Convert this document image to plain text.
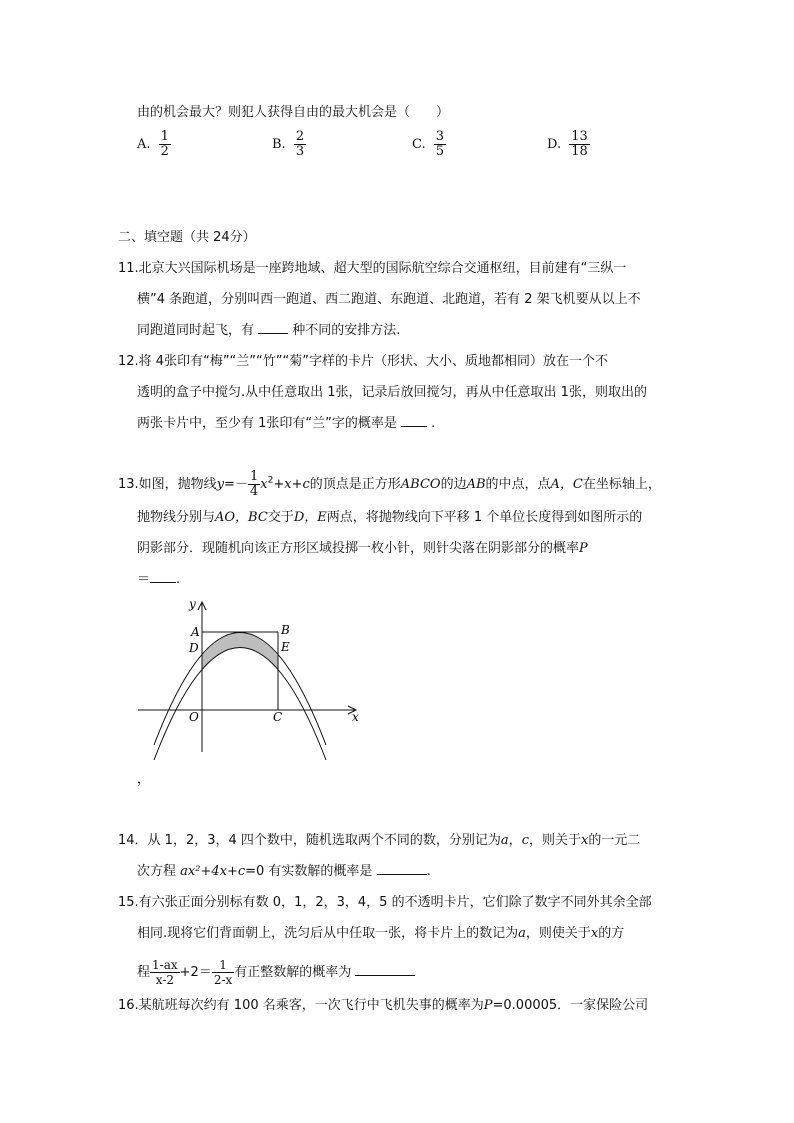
由的机会最大？则犯人获得自由的最大机会是（　　）
A. $\frac{1}{2}$	B. $\frac{2}{3}$	C. $\frac{3}{5}$	D. $\frac{13}{18}$
二、填空题（共 24分）
11.北京大兴国际机场是一座跨地域、超大型的国际航空综合交通枢纽，目前建有“三纵一
横”4 条跑道，分别叫西一跑道、西二跑道、东跑道、北跑道，若有 2 架飞机要从以上不
同跑道同时起飞，有	种不同的安排方法.
12.将 4张印有“梅”“兰”“竹”“菊”字样的卡片（形状、大小、质地都相同）放在一个不
透明的盒子中搅匀.从中任意取出 1张，记录后放回搅匀，再从中任意取出 1张，则取出的
两张卡片中，至少有 1张印有“兰”字的概率是	.
13.如图，抛物线$y=- \frac{1}{4} x^2+x+c$的顶点是正方形ABCO的边AB的中点，点A，C在坐标轴上，
抛物线分别与AO，BC交于D，E两点，将抛物线向下平移 1 个单位长度得到如图所示的
阴影部分．现随机向该正方形区域投掷一枚小针，则针尖落在阴影部分的概率P
＝ .
y
x
O
A
D
B
E
C
，
14．从 1，2，3，4 四个数中，随机选取两个不同的数，分别记为a，c，则关于x的一元二
次方程 ax²+4x+c=0 有实数解的概率是	.
15.有六张正面分别标有数 0，1，2，3，4，5 的不透明卡片，它们除了数字不同外其余全部
相同.现将它们背面朝上，洗匀后从中任取一张，将卡片上的数记为a，则使关于x的方
程 $\frac{1-ax}{x-2} +2= \frac{1}{2-x}$ 有正整数解的概率为
16.某航班每次约有 100 名乘客，一次飞行中飞机失事的概率为P=0.00005．一家保险公司
